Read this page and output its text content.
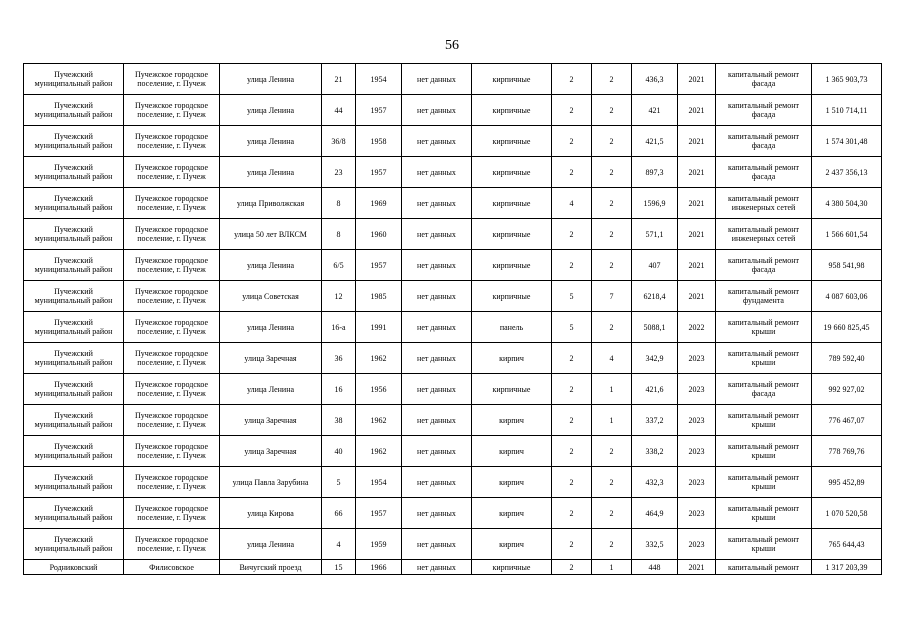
56
Пучежский муниципальный район	Пучежское городское поселение, г. Пучеж	улица Ленина	21	1954	нет данных	кирпичные	2	2	436,3	2021	капитальный ремонт фасада	1 365 903,73
Пучежский муниципальный район	Пучежское городское поселение, г. Пучеж	улица Ленина	44	1957	нет данных	кирпичные	2	2	421	2021	капитальный ремонт фасада	1 510 714,11
Пучежский муниципальный район	Пучежское городское поселение, г. Пучеж	улица Ленина	36/8	1958	нет данных	кирпичные	2	2	421,5	2021	капитальный ремонт фасада	1 574 301,48
Пучежский муниципальный район	Пучежское городское поселение, г. Пучеж	улица Ленина	23	1957	нет данных	кирпичные	2	2	897,3	2021	капитальный ремонт фасада	2 437 356,13
Пучежский муниципальный район	Пучежское городское поселение, г. Пучеж	улица Приволжская	8	1969	нет данных	кирпичные	4	2	1596,9	2021	капитальный ремонт инженерных сетей	4 380 504,30
Пучежский муниципальный район	Пучежское городское поселение, г. Пучеж	улица 50 лет ВЛКСМ	8	1960	нет данных	кирпичные	2	2	571,1	2021	капитальный ремонт инженерных сетей	1 566 601,54
Пучежский муниципальный район	Пучежское городское поселение, г. Пучеж	улица Ленина	6/5	1957	нет данных	кирпичные	2	2	407	2021	капитальный ремонт фасада	958 541,98
Пучежский муниципальный район	Пучежское городское поселение, г. Пучеж	улица Советская	12	1985	нет данных	кирпичные	5	7	6218,4	2021	капитальный ремонт фундамента	4 087 603,06
Пучежский муниципальный район	Пучежское городское поселение, г. Пучеж	улица Ленина	16-а	1991	нет данных	панель	5	2	5088,1	2022	капитальный ремонт крыши	19 660 825,45
Пучежский муниципальный район	Пучежское городское поселение, г. Пучеж	улица Заречная	36	1962	нет данных	кирпич	2	4	342,9	2023	капитальный ремонт крыши	789 592,40
Пучежский муниципальный район	Пучежское городское поселение, г. Пучеж	улица Ленина	16	1956	нет данных	кирпичные	2	1	421,6	2023	капитальный ремонт фасада	992 927,02
Пучежский муниципальный район	Пучежское городское поселение, г. Пучеж	улица Заречная	38	1962	нет данных	кирпич	2	1	337,2	2023	капитальный ремонт крыши	776 467,07
Пучежский муниципальный район	Пучежское городское поселение, г. Пучеж	улица Заречная	40	1962	нет данных	кирпич	2	2	338,2	2023	капитальный ремонт крыши	778 769,76
Пучежский муниципальный район	Пучежское городское поселение, г. Пучеж	улица Павла Зарубина	5	1954	нет данных	кирпич	2	2	432,3	2023	капитальный ремонт крыши	995 452,89
Пучежский муниципальный район	Пучежское городское поселение, г. Пучеж	улица Кирова	66	1957	нет данных	кирпич	2	2	464,9	2023	капитальный ремонт крыши	1 070 520,58
Пучежский муниципальный район	Пучежское городское поселение, г. Пучеж	улица Ленина	4	1959	нет данных	кирпич	2	2	332,5	2023	капитальный ремонт крыши	765 644,43
Родниковский	Филисовское	Вичугский проезд	15	1966	нет данных	кирпичные	2	1	448	2021	капитальный ремонт	1 317 203,39
